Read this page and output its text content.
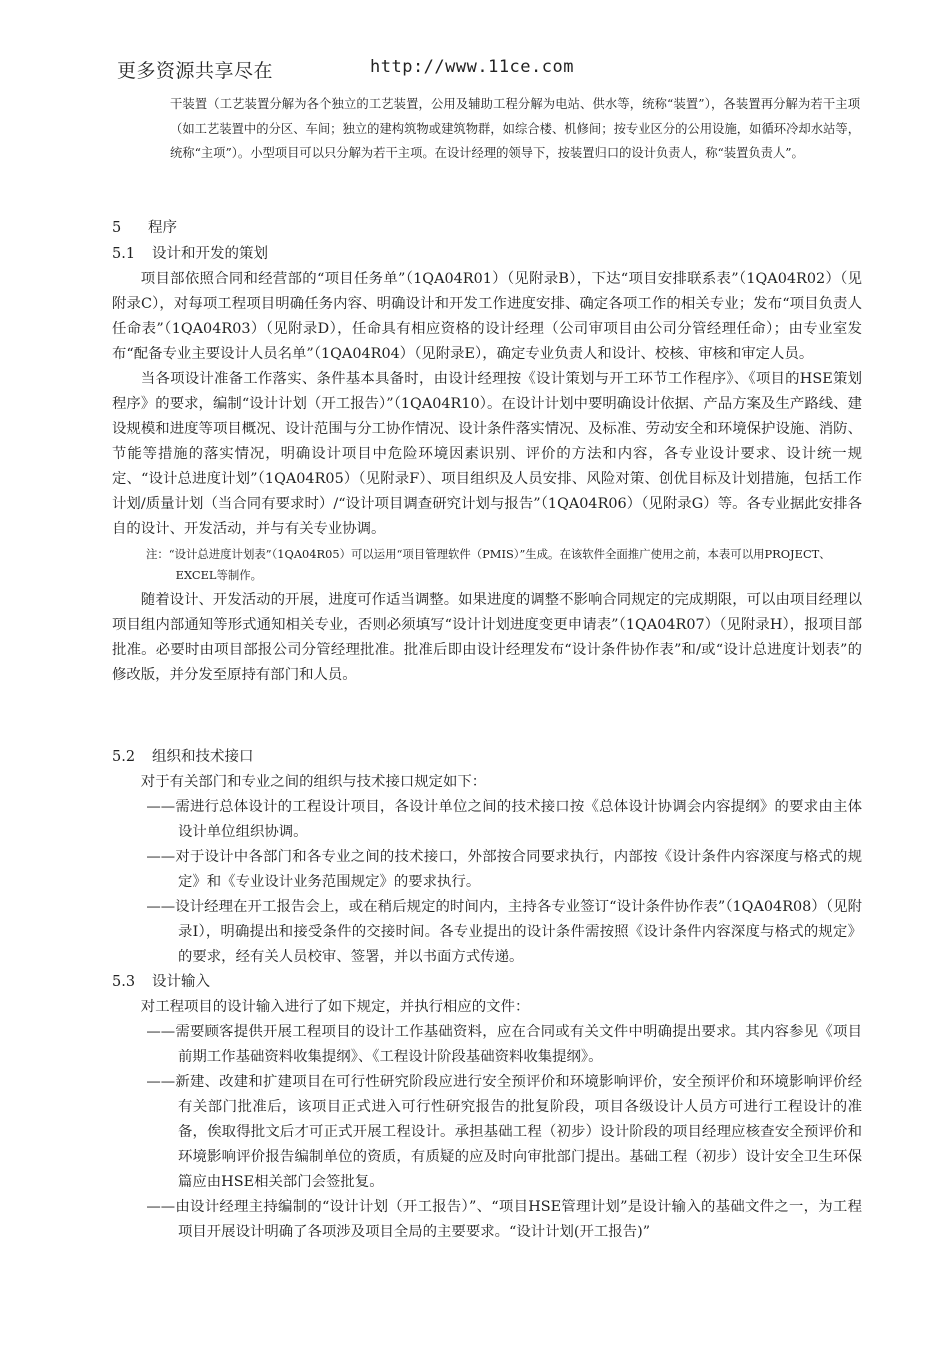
更多资源共享尽在	http://www.11ce.com
干装置（工艺装置分解为各个独立的工艺装置，公用及辅助工程分解为电站、供水等，统称“装置”），各装置再分解为若干主项（如工艺装置中的分区、车间；独立的建构筑物或建筑物群，如综合楼、机修间；按专业区分的公用设施，如循环冷却水站等，统称“主项”）。小型项目可以只分解为若干主项。在设计经理的领导下，按装置归口的设计负责人，称“装置负责人”。
5 程序
5.1 设计和开发的策划

项目部依照合同和经营部的“项目任务单”（1QA04R01）（见附录B），下达“项目安排联系表”（1QA04R02）（见附录C），对每项工程项目明确任务内容、明确设计和开发工作进度安排、确定各项工作的相关专业；发布“项目负责人任命表”（1QA04R03）（见附录D），任命具有相应资格的设计经理（公司审项目由公司分管经理任命）；由专业室发布“配备专业主要设计人员名单”（1QA04R04）（见附录E），确定专业负责人和设计、校核、审核和审定人员。

当各项设计准备工作落实、条件基本具备时，由设计经理按《设计策划与开工环节工作程序》、《项目的HSE策划程序》的要求，编制“设计计划（开工报告）”（1QA04R10）。在设计计划中要明确设计依据、产品方案及生产路线、建设规模和进度等项目概况、设计范围与分工协作情况、设计条件落实情况、及标准、劳动安全和环境保护设施、消防、节能等措施的落实情况，明确设计项目中危险环境因素识别、评价的方法和内容，各专业设计要求、设计统一规定、“设计总进度计划”（1QA04R05）（见附录F）、项目组织及人员安排、风险对策、创优目标及计划措施，包括工作计划/质量计划（当合同有要求时）/“设计项目调查研究计划与报告”（1QA04R06）（见附录G）等。各专业据此安排各自的设计、开发活动，并与有关专业协调。

注：“设计总进度计划表”（1QA04R05）可以运用“项目管理软件（PMIS）”生成。在该软件全面推广使用之前，本表可以用PROJECT、EXCEL等制作。

随着设计、开发活动的开展，进度可作适当调整。如果进度的调整不影响合同规定的完成期限，可以由项目经理以项目组内部通知等形式通知相关专业，否则必须填写“设计计划进度变更申请表”（1QA04R07）（见附录H），报项目部批准。必要时由项目部报公司分管经理批准。批准后即由设计经理发布“设计条件协作表”和/或“设计总进度计划表”的修改版，并分发至原持有部门和人员。

5.2 组织和技术接口

对于有关部门和专业之间的组织与技术接口规定如下：

——需进行总体设计的工程设计项目，各设计单位之间的技术接口按《总体设计协调会内容提纲》的要求由主体设计单位组织协调。

——对于设计中各部门和各专业之间的技术接口，外部按合同要求执行，内部按《设计条件内容深度与格式的规定》和《专业设计业务范围规定》的要求执行。

——设计经理在开工报告会上，或在稍后规定的时间内，主持各专业签订“设计条件协作表”（1QA04R08）（见附录I），明确提出和接受条件的交接时间。各专业提出的设计条件需按照《设计条件内容深度与格式的规定》的要求，经有关人员校审、签署，并以书面方式传递。

5.3 设计输入

对工程项目的设计输入进行了如下规定，并执行相应的文件：

——需要顾客提供开展工程项目的设计工作基础资料，应在合同或有关文件中明确提出要求。其内容参见《项目前期工作基础资料收集提纲》、《工程设计阶段基础资料收集提纲》。

——新建、改建和扩建项目在可行性研究阶段应进行安全预评价和环境影响评价，安全预评价和环境影响评价经有关部门批准后，该项目正式进入可行性研究报告的批复阶段，项目各级设计人员方可进行工程设计的准备，俟取得批文后才可正式开展工程设计。承担基础工程（初步）设计阶段的项目经理应核查安全预评价和环境影响评价报告编制单位的资质，有质疑的应及时向审批部门提出。基础工程（初步）设计安全卫生环保篇应由HSE相关部门会签批复。

——由设计经理主持编制的“设计计划（开工报告）”、“项目HSE管理计划”是设计输入的基础文件之一，为工程项目开展设计明确了各项涉及项目全局的主要要求。“设计计划(开工报告)”
